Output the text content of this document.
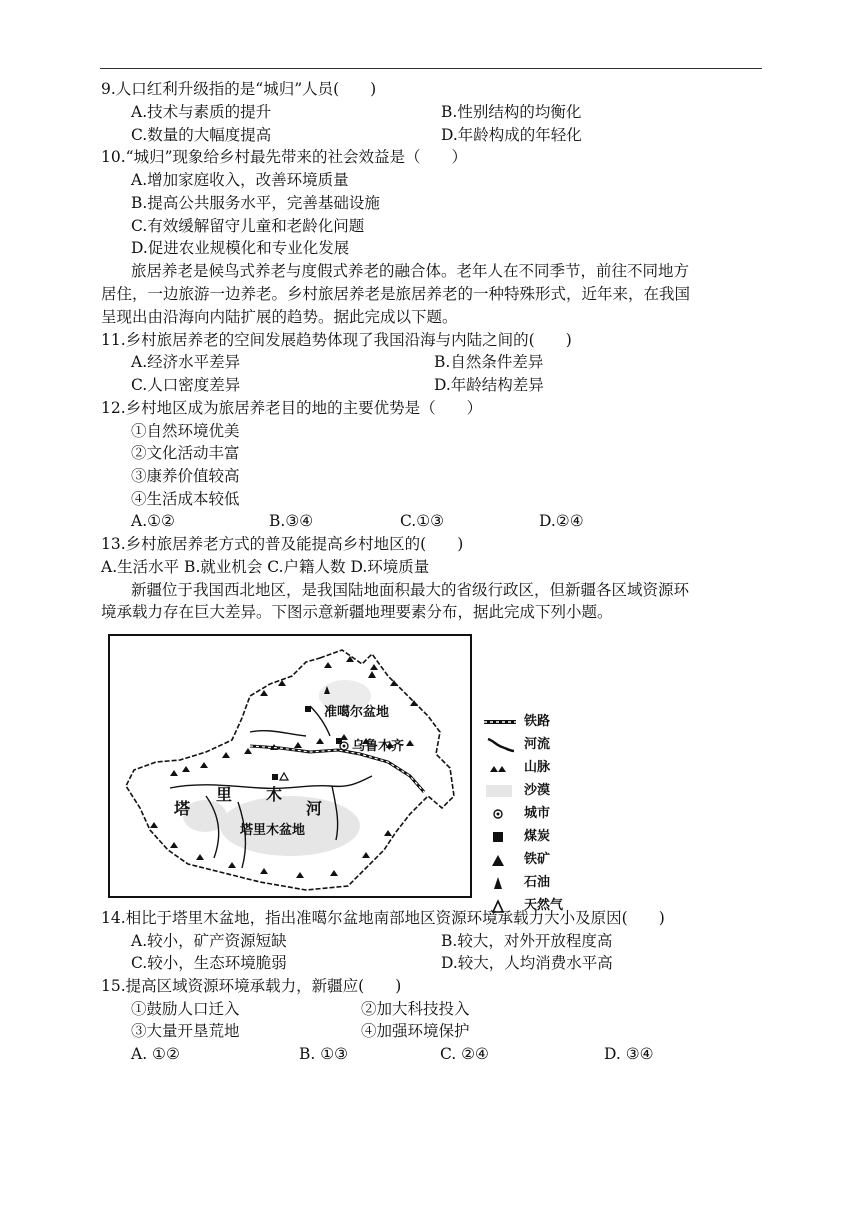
9.人口红利升级指的是“城归”人员(　　)
A.技术与素质的提升	B.性别结构的均衡化
C.数量的大幅度提高	D.年龄构成的年轻化
10.“城归”现象给乡村最先带来的社会效益是（　　）
A.增加家庭收入，改善环境质量
B.提高公共服务水平，完善基础设施
C.有效缓解留守儿童和老龄化问题
D.促进农业规模化和专业化发展
旅居养老是候鸟式养老与度假式养老的融合体。老年人在不同季节，前往不同地方
居住，一边旅游一边养老。乡村旅居养老是旅居养老的一种特殊形式，近年来，在我国
呈现出由沿海向内陆扩展的趋势。据此完成以下题。
11.乡村旅居养老的空间发展趋势体现了我国沿海与内陆之间的(　　)
A.经济水平差异	B.自然条件差异
C.人口密度差异	D.年龄结构差异
12.乡村地区成为旅居养老目的地的主要优势是（　　）
①自然环境优美
②文化活动丰富
③康养价值较高
④生活成本较低
A.①②	B.③④	C.①③	D.②④
13.乡村旅居养老方式的普及能提高乡村地区的(　　)
A.生活水平 B.就业机会 C.户籍人数 D.环境质量
新疆位于我国西北地区，是我国陆地面积最大的省级行政区，但新疆各区域资源环
境承载力存在巨大差异。下图示意新疆地理要素分布，据此完成下列小题。
14.相比于塔里木盆地，指出准噶尔盆地南部地区资源环境承载力大小及原因(　　)
A.较小，矿产资源短缺	B.较大，对外开放程度高
C.较小，生态环境脆弱	D.较大，人均消费水平高
15.提高区域资源环境承载力，新疆应(　　)
①鼓励人口迁入	②加大科技投入
③大量开垦荒地	④加强环境保护
A. ①②	B. ①③	C. ②④	D. ③④
准噶尔盆地
乌鲁木齐
塔里木盆地
塔
里 木
河
铁路
河流
山脉
沙漠
城市
煤炭
铁矿
石油
天然气
